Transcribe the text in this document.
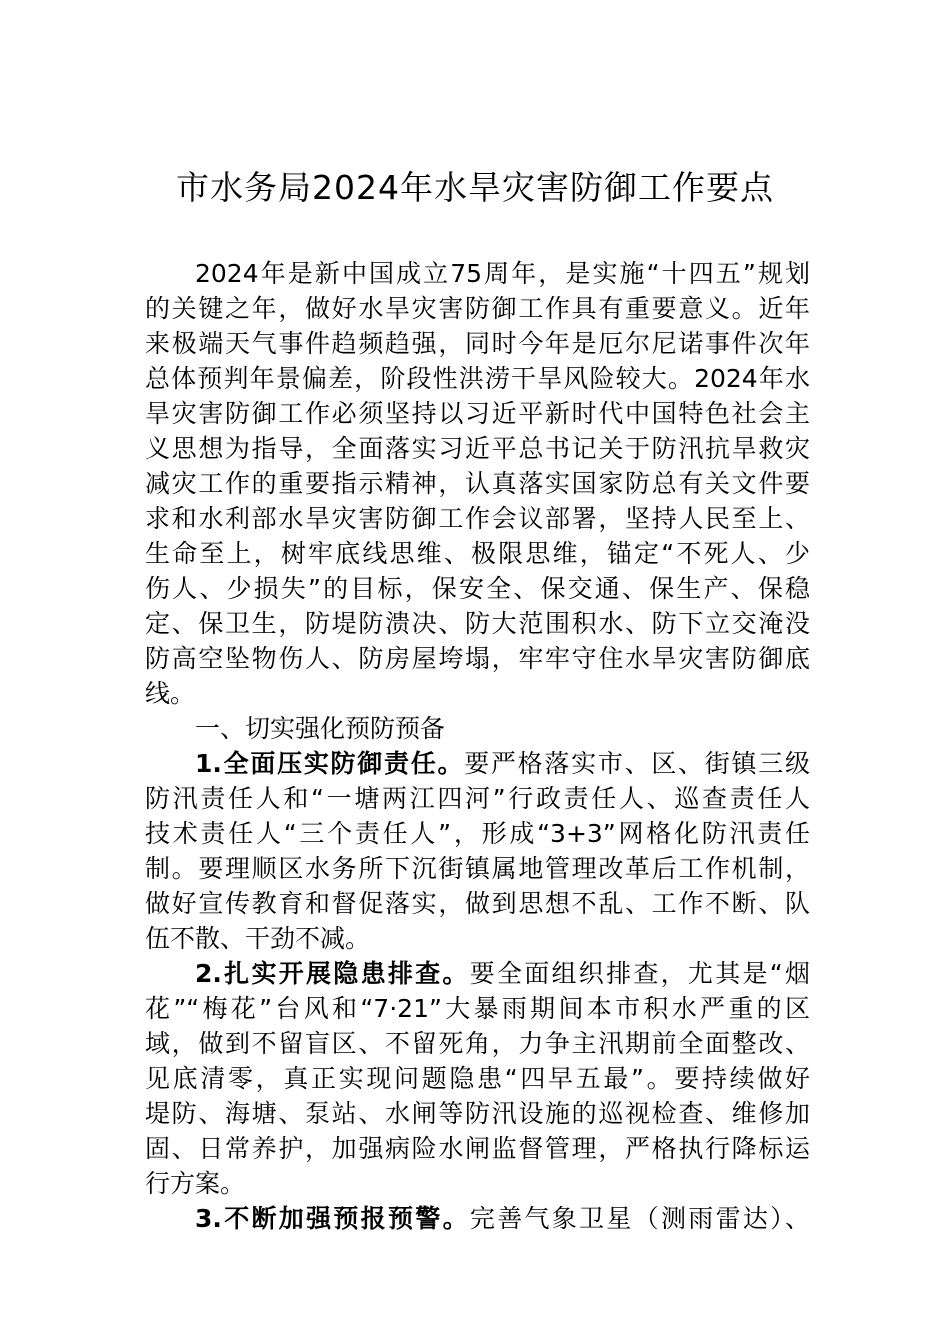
市水务局2024年水旱灾害防御工作要点
2024年是新中国成立75周年，是实施“十四五”规划
的关键之年，做好水旱灾害防御工作具有重要意义。近年
来极端天气事件趋频趋强，同时今年是厄尔尼诺事件次年
总体预判年景偏差，阶段性洪涝干旱风险较大。2024年水
旱灾害防御工作必须坚持以习近平新时代中国特色社会主
义思想为指导，全面落实习近平总书记关于防汛抗旱救灾
减灾工作的重要指示精神，认真落实国家防总有关文件要
求和水利部水旱灾害防御工作会议部署，坚持人民至上、
生命至上，树牢底线思维、极限思维，锚定“不死人、少
伤人、少损失”的目标，保安全、保交通、保生产、保稳
定、保卫生，防堤防溃决、防大范围积水、防下立交淹没
防高空坠物伤人、防房屋垮塌，牢牢守住水旱灾害防御底
线。
一、切实强化预防预备
1.全面压实防御责任。要严格落实市、区、街镇三级
防汛责任人和“一塘两江四河”行政责任人、巡查责任人
技术责任人“三个责任人”，形成“3+3”网格化防汛责任
制。要理顺区水务所下沉街镇属地管理改革后工作机制，
做好宣传教育和督促落实，做到思想不乱、工作不断、队
伍不散、干劲不减。
2.扎实开展隐患排查。要全面组织排查，尤其是“烟
花”“梅花”台风和“7·21”大暴雨期间本市积水严重的区
域，做到不留盲区、不留死角，力争主汛期前全面整改、
见底清零，真正实现问题隐患“四早五最”。要持续做好
堤防、海塘、泵站、水闸等防汛设施的巡视检查、维修加
固、日常养护，加强病险水闸监督管理，严格执行降标运
行方案。
3.不断加强预报预警。完善气象卫星（测雨雷达）、
